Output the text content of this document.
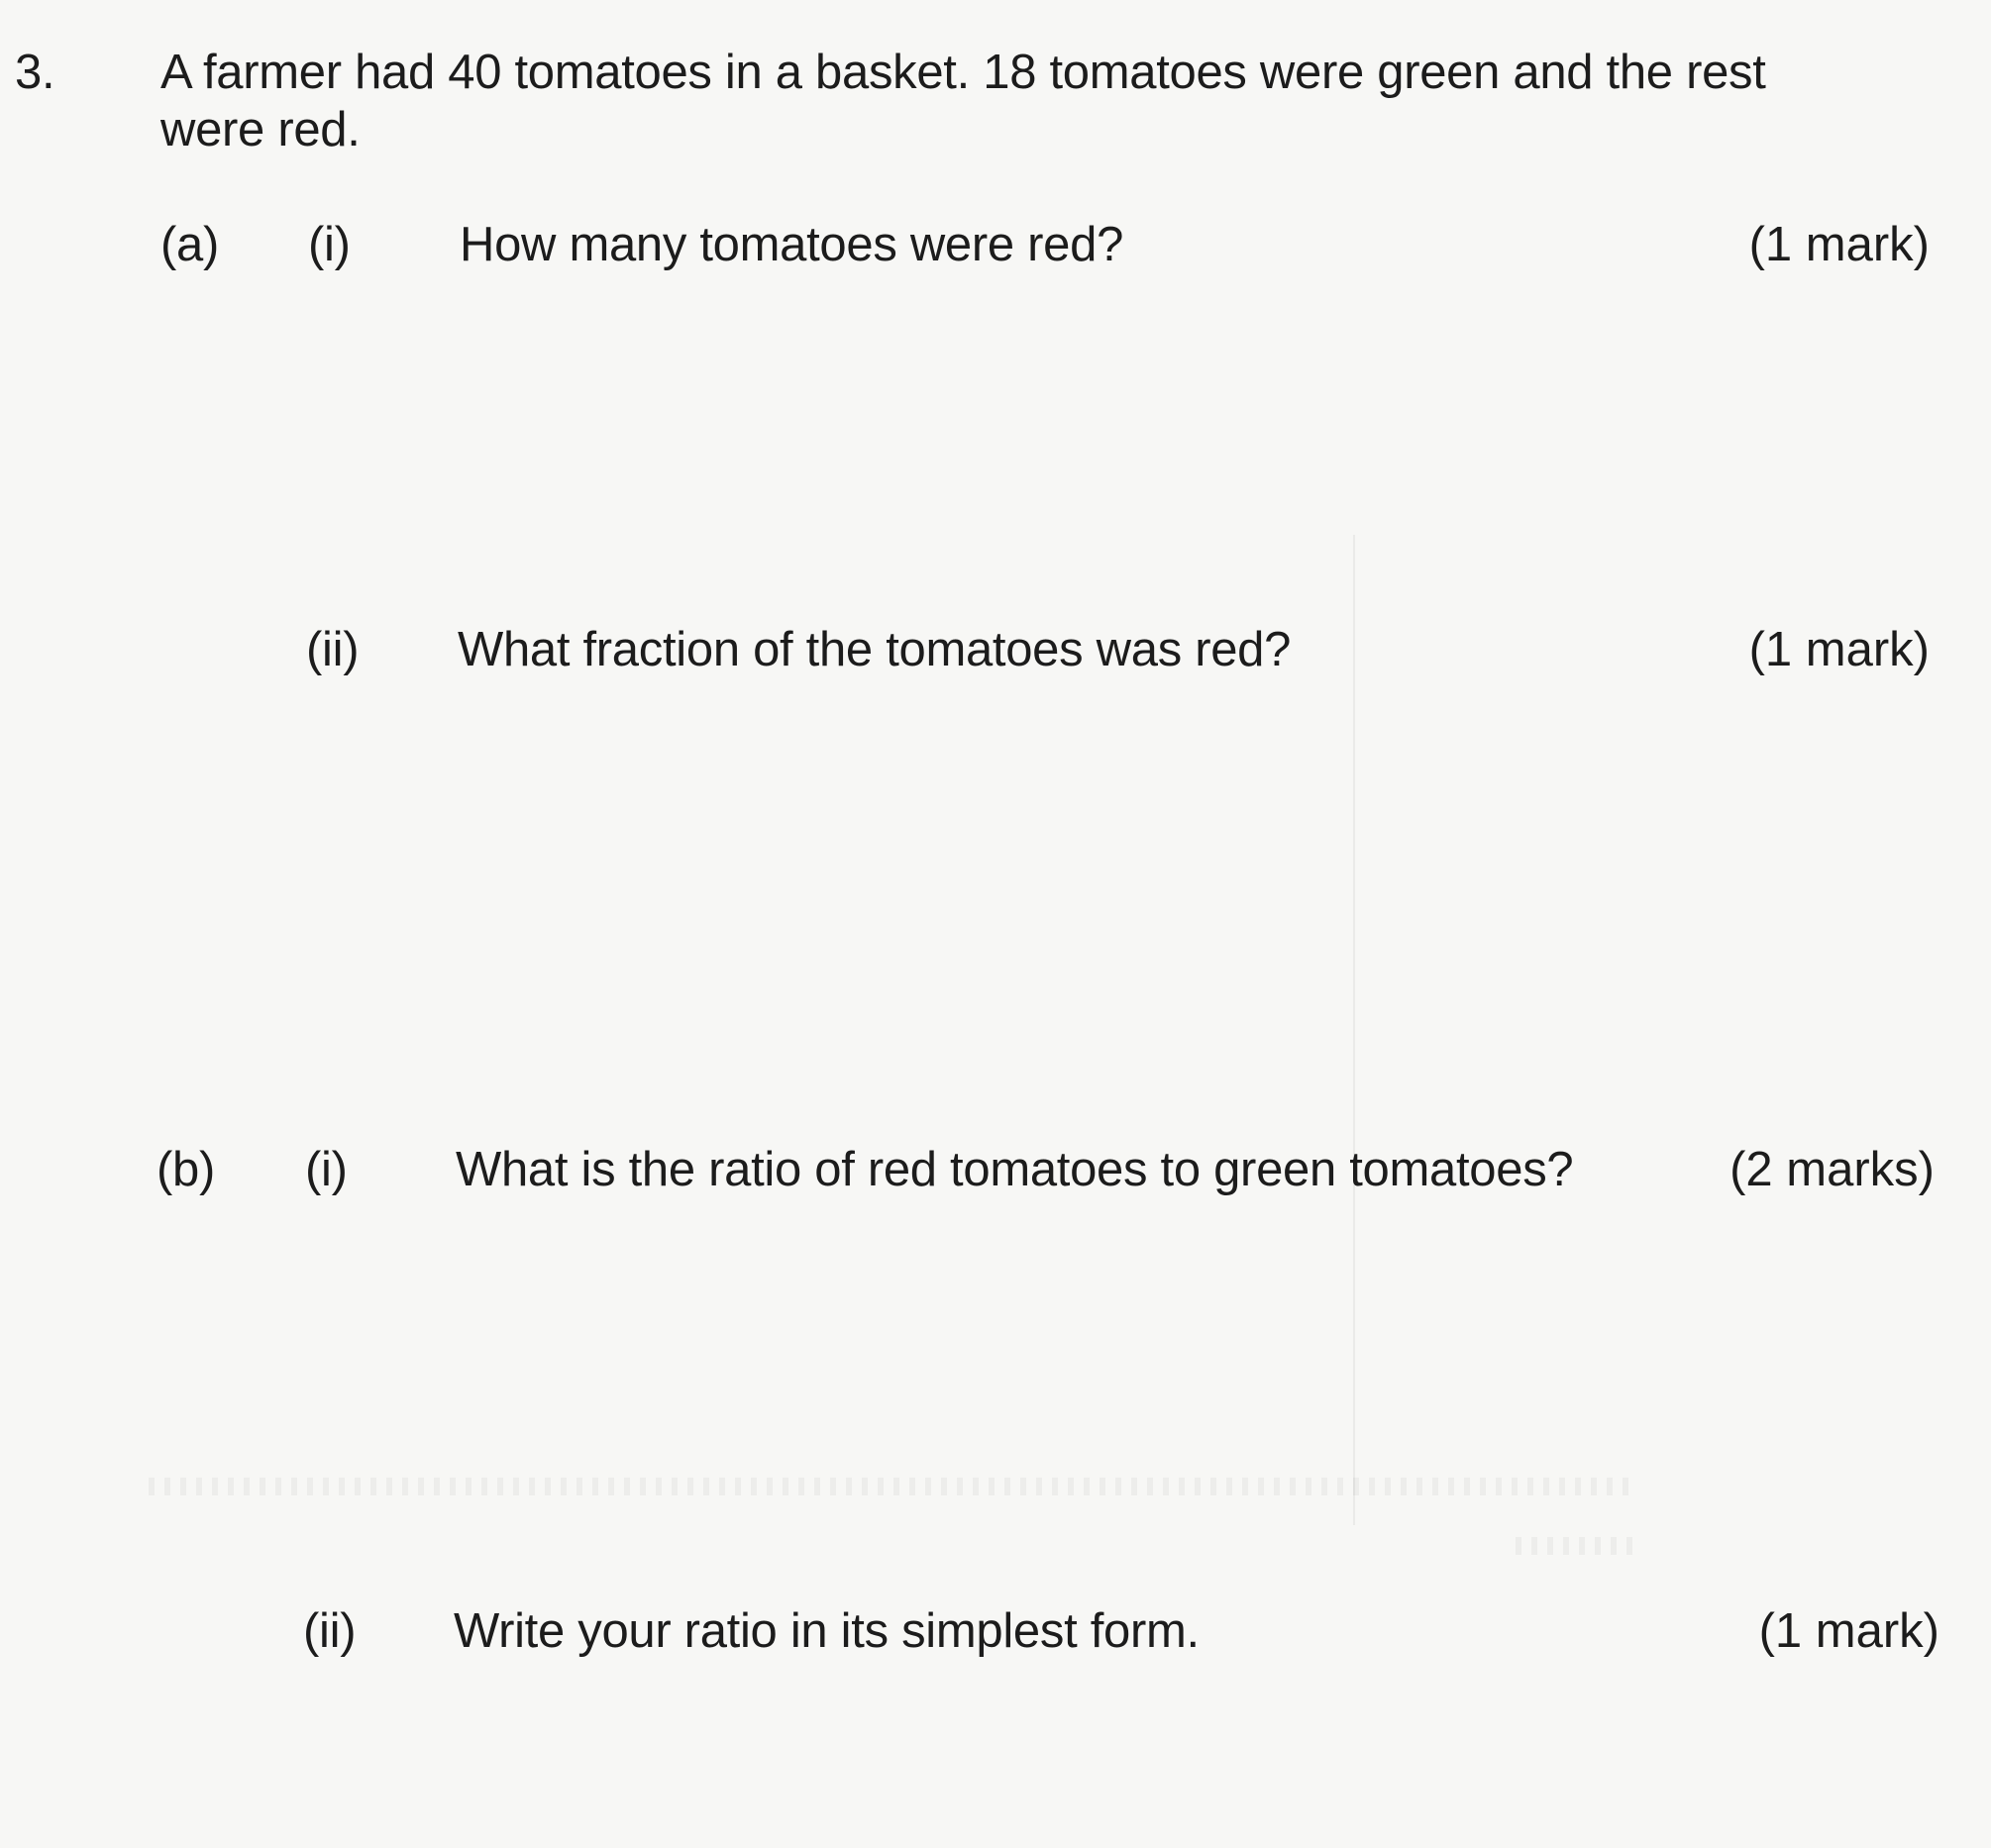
3. A farmer had 40 tomatoes in a basket. 18 tomatoes were green and the rest
were red.
(a) (i) How many tomatoes were red?	(1 mark)
(ii) What fraction of the tomatoes was red?	(1 mark)
(b) (i) What is the ratio of red tomatoes to green tomatoes?	(2 marks)
(ii) Write your ratio in its simplest form.	(1 mark)
